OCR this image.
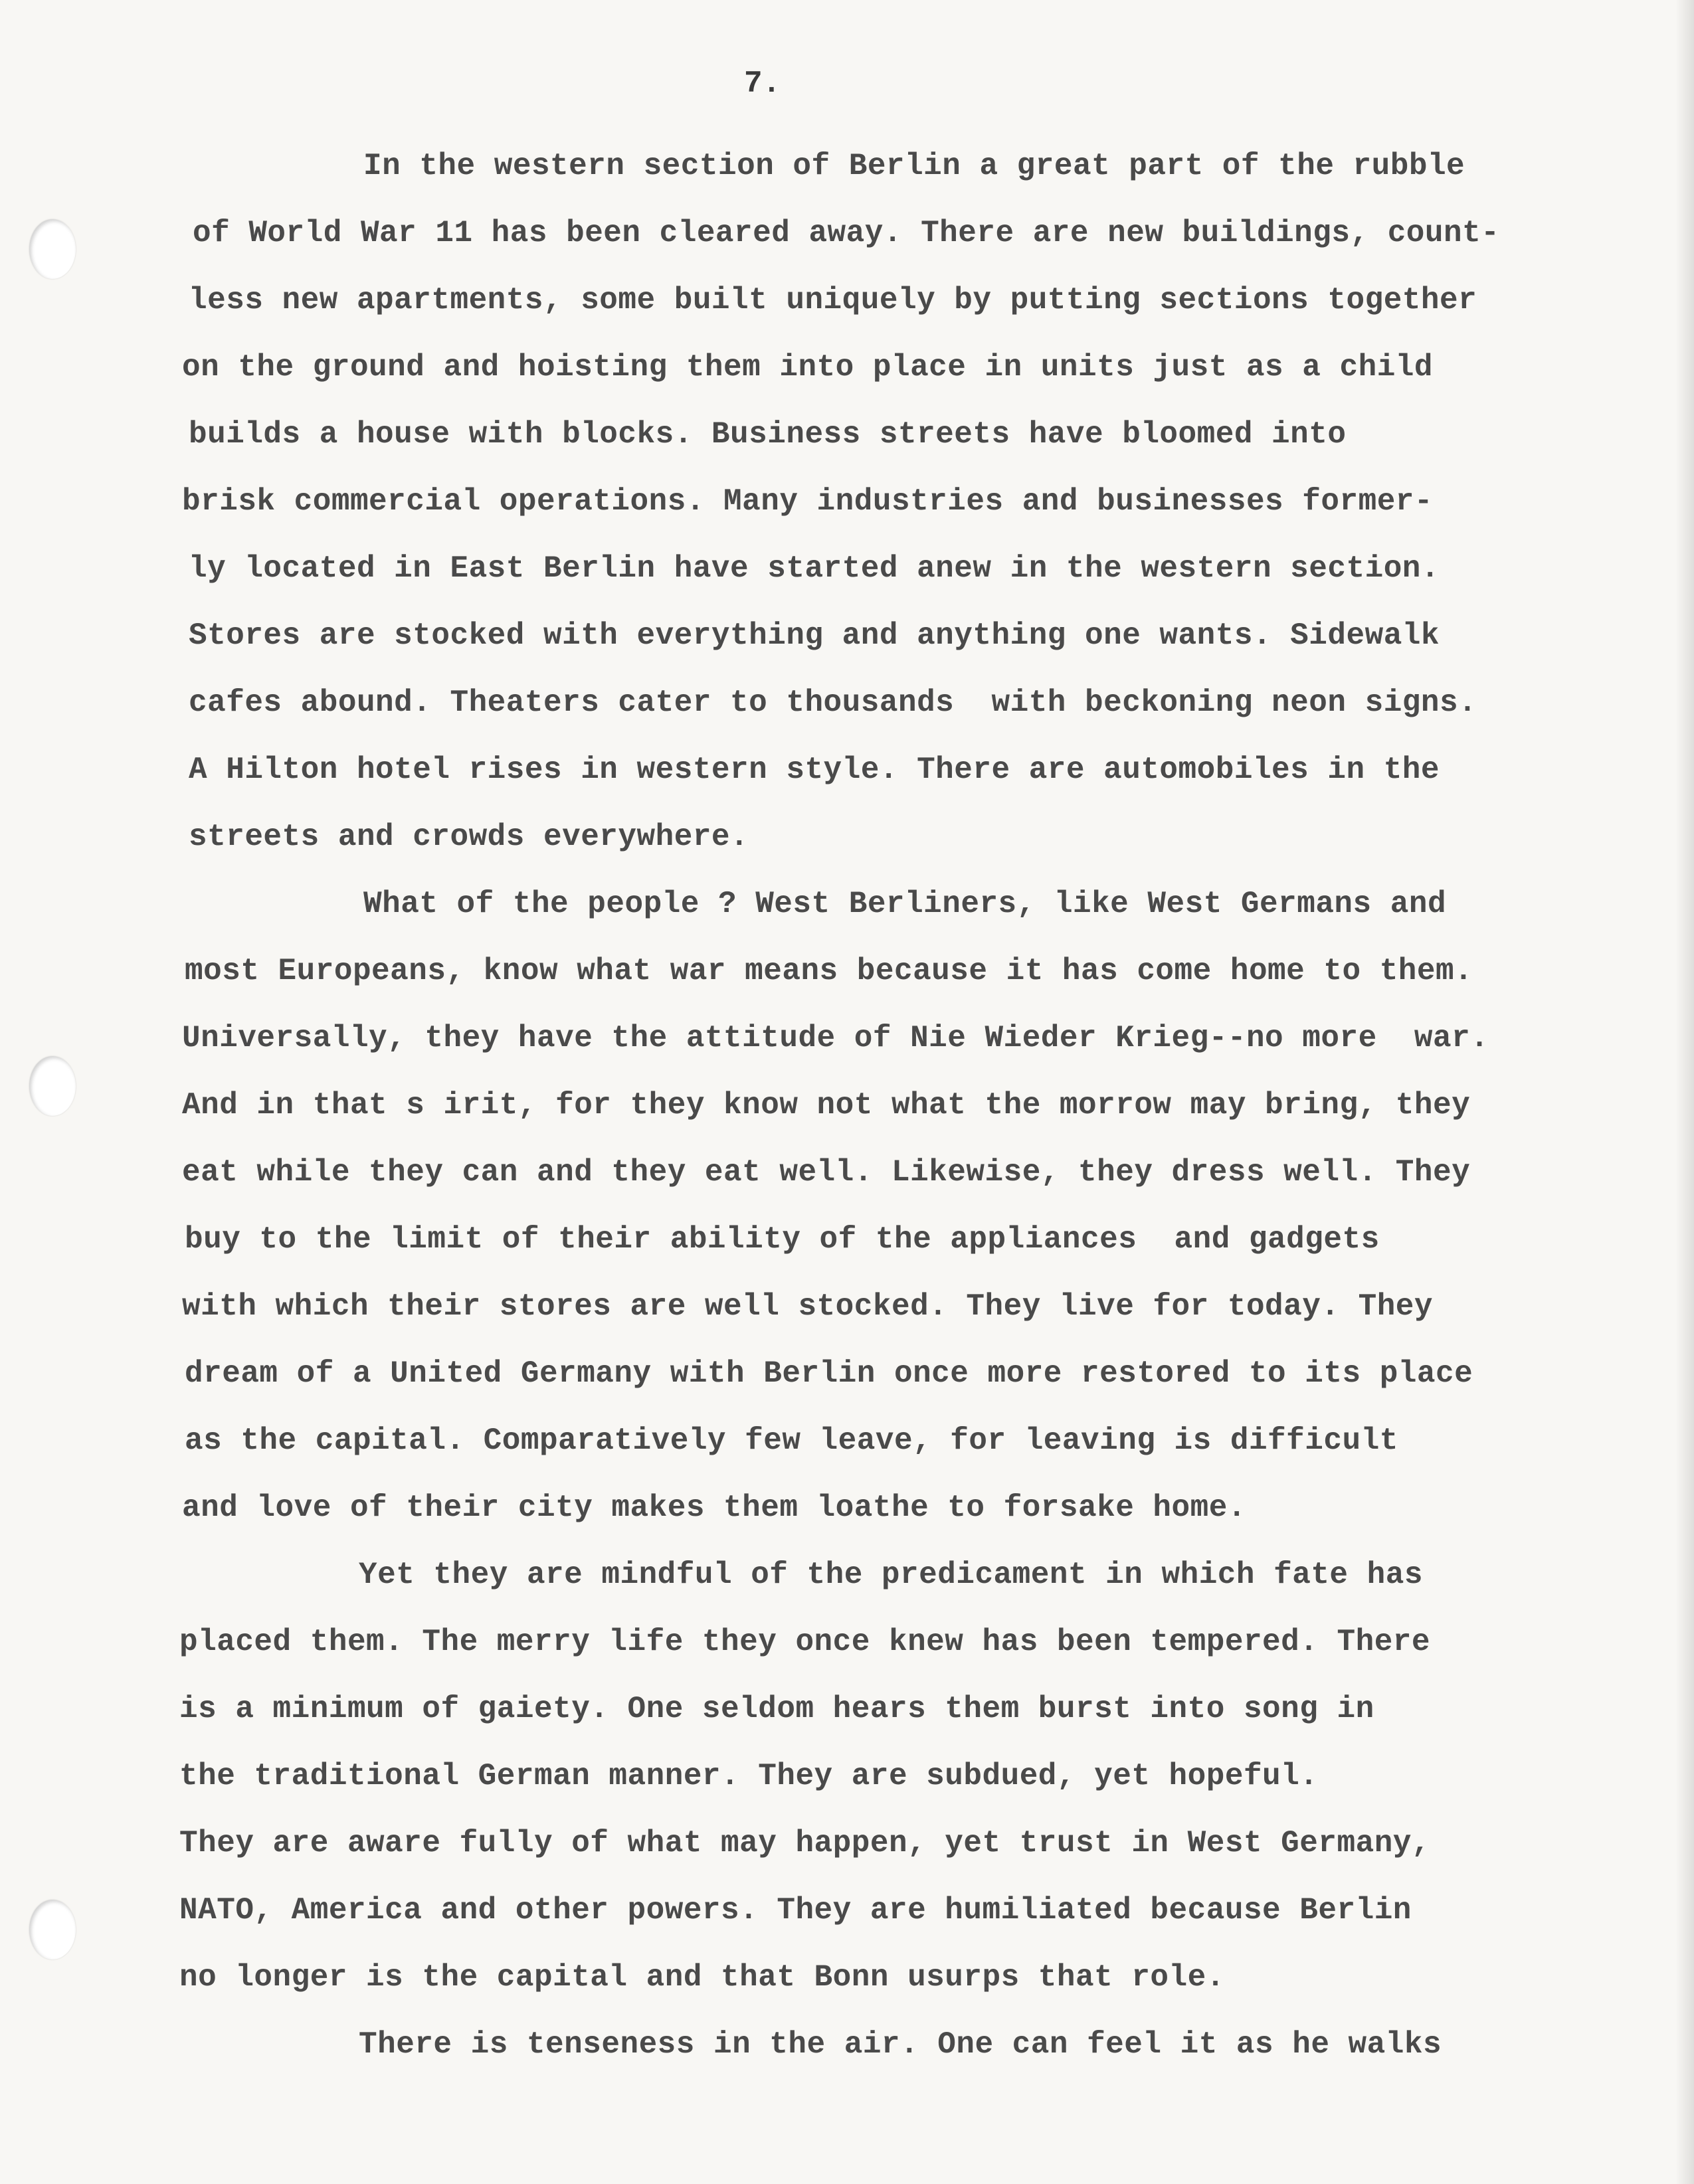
7.
In the western section of Berlin a great part of the rubble
of World War 11 has been cleared away. There are new buildings, count-
less new apartments, some built uniquely by putting sections together
on the ground and hoisting them into place in units just as a child
builds a house with blocks. Business streets have bloomed into
brisk commercial operations. Many industries and businesses former-
ly located in East Berlin have started anew in the western section.
Stores are stocked with everything and anything one wants. Sidewalk
cafes abound. Theaters cater to thousands  with beckoning neon signs.
A Hilton hotel rises in western style. There are automobiles in the
streets and crowds everywhere.
What of the people ? West Berliners, like West Germans and
most Europeans, know what war means because it has come home to them.
Universally, they have the attitude of Nie Wieder Krieg--no more  war.
And in that s irit, for they know not what the morrow may bring, they
eat while they can and they eat well. Likewise, they dress well. They
buy to the limit of their ability of the appliances  and gadgets
with which their stores are well stocked. They live for today. They
dream of a United Germany with Berlin once more restored to its place
as the capital. Comparatively few leave, for leaving is difficult
and love of their city makes them loathe to forsake home.
Yet they are mindful of the predicament in which fate has
placed them. The merry life they once knew has been tempered. There
is a minimum of gaiety. One seldom hears them burst into song in
the traditional German manner. They are subdued, yet hopeful.
They are aware fully of what may happen, yet trust in West Germany,
NATO, America and other powers. They are humiliated because Berlin
no longer is the capital and that Bonn usurps that role.
There is tenseness in the air. One can feel it as he walks
